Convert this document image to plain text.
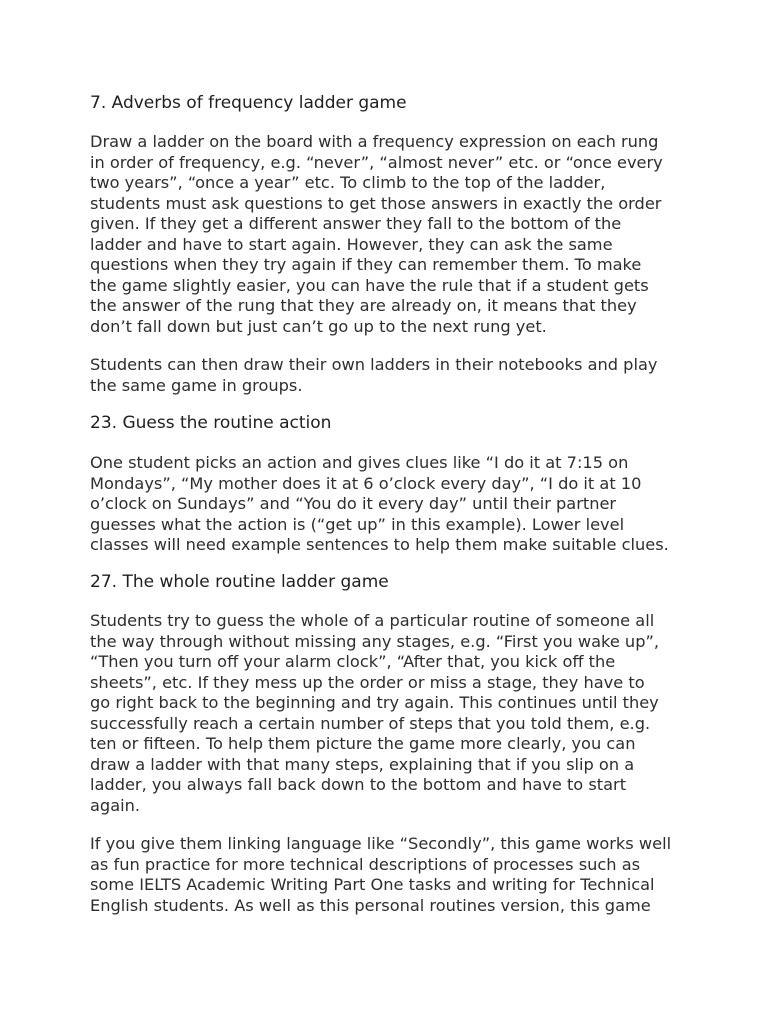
7. Adverbs of frequency ladder game

Draw a ladder on the board with a frequency expression on each rung
in order of frequency, e.g. “never”, “almost never” etc. or “once every
two years”, “once a year” etc. To climb to the top of the ladder,
students must ask questions to get those answers in exactly the order
given. If they get a different answer they fall to the bottom of the
ladder and have to start again. However, they can ask the same
questions when they try again if they can remember them. To make
the game slightly easier, you can have the rule that if a student gets
the answer of the rung that they are already on, it means that they
don’t fall down but just can’t go up to the next rung yet.

Students can then draw their own ladders in their notebooks and play
the same game in groups.

23. Guess the routine action

One student picks an action and gives clues like “I do it at 7:15 on
Mondays”, “My mother does it at 6 o’clock every day”, “I do it at 10
o’clock on Sundays” and “You do it every day” until their partner
guesses what the action is (“get up” in this example). Lower level
classes will need example sentences to help them make suitable clues.

27. The whole routine ladder game

Students try to guess the whole of a particular routine of someone all
the way through without missing any stages, e.g. “First you wake up”,
“Then you turn off your alarm clock”, “After that, you kick off the
sheets”, etc. If they mess up the order or miss a stage, they have to
go right back to the beginning and try again. This continues until they
successfully reach a certain number of steps that you told them, e.g.
ten or fifteen. To help them picture the game more clearly, you can
draw a ladder with that many steps, explaining that if you slip on a
ladder, you always fall back down to the bottom and have to start
again.

If you give them linking language like “Secondly”, this game works well
as fun practice for more technical descriptions of processes such as
some IELTS Academic Writing Part One tasks and writing for Technical
English students. As well as this personal routines version, this game
